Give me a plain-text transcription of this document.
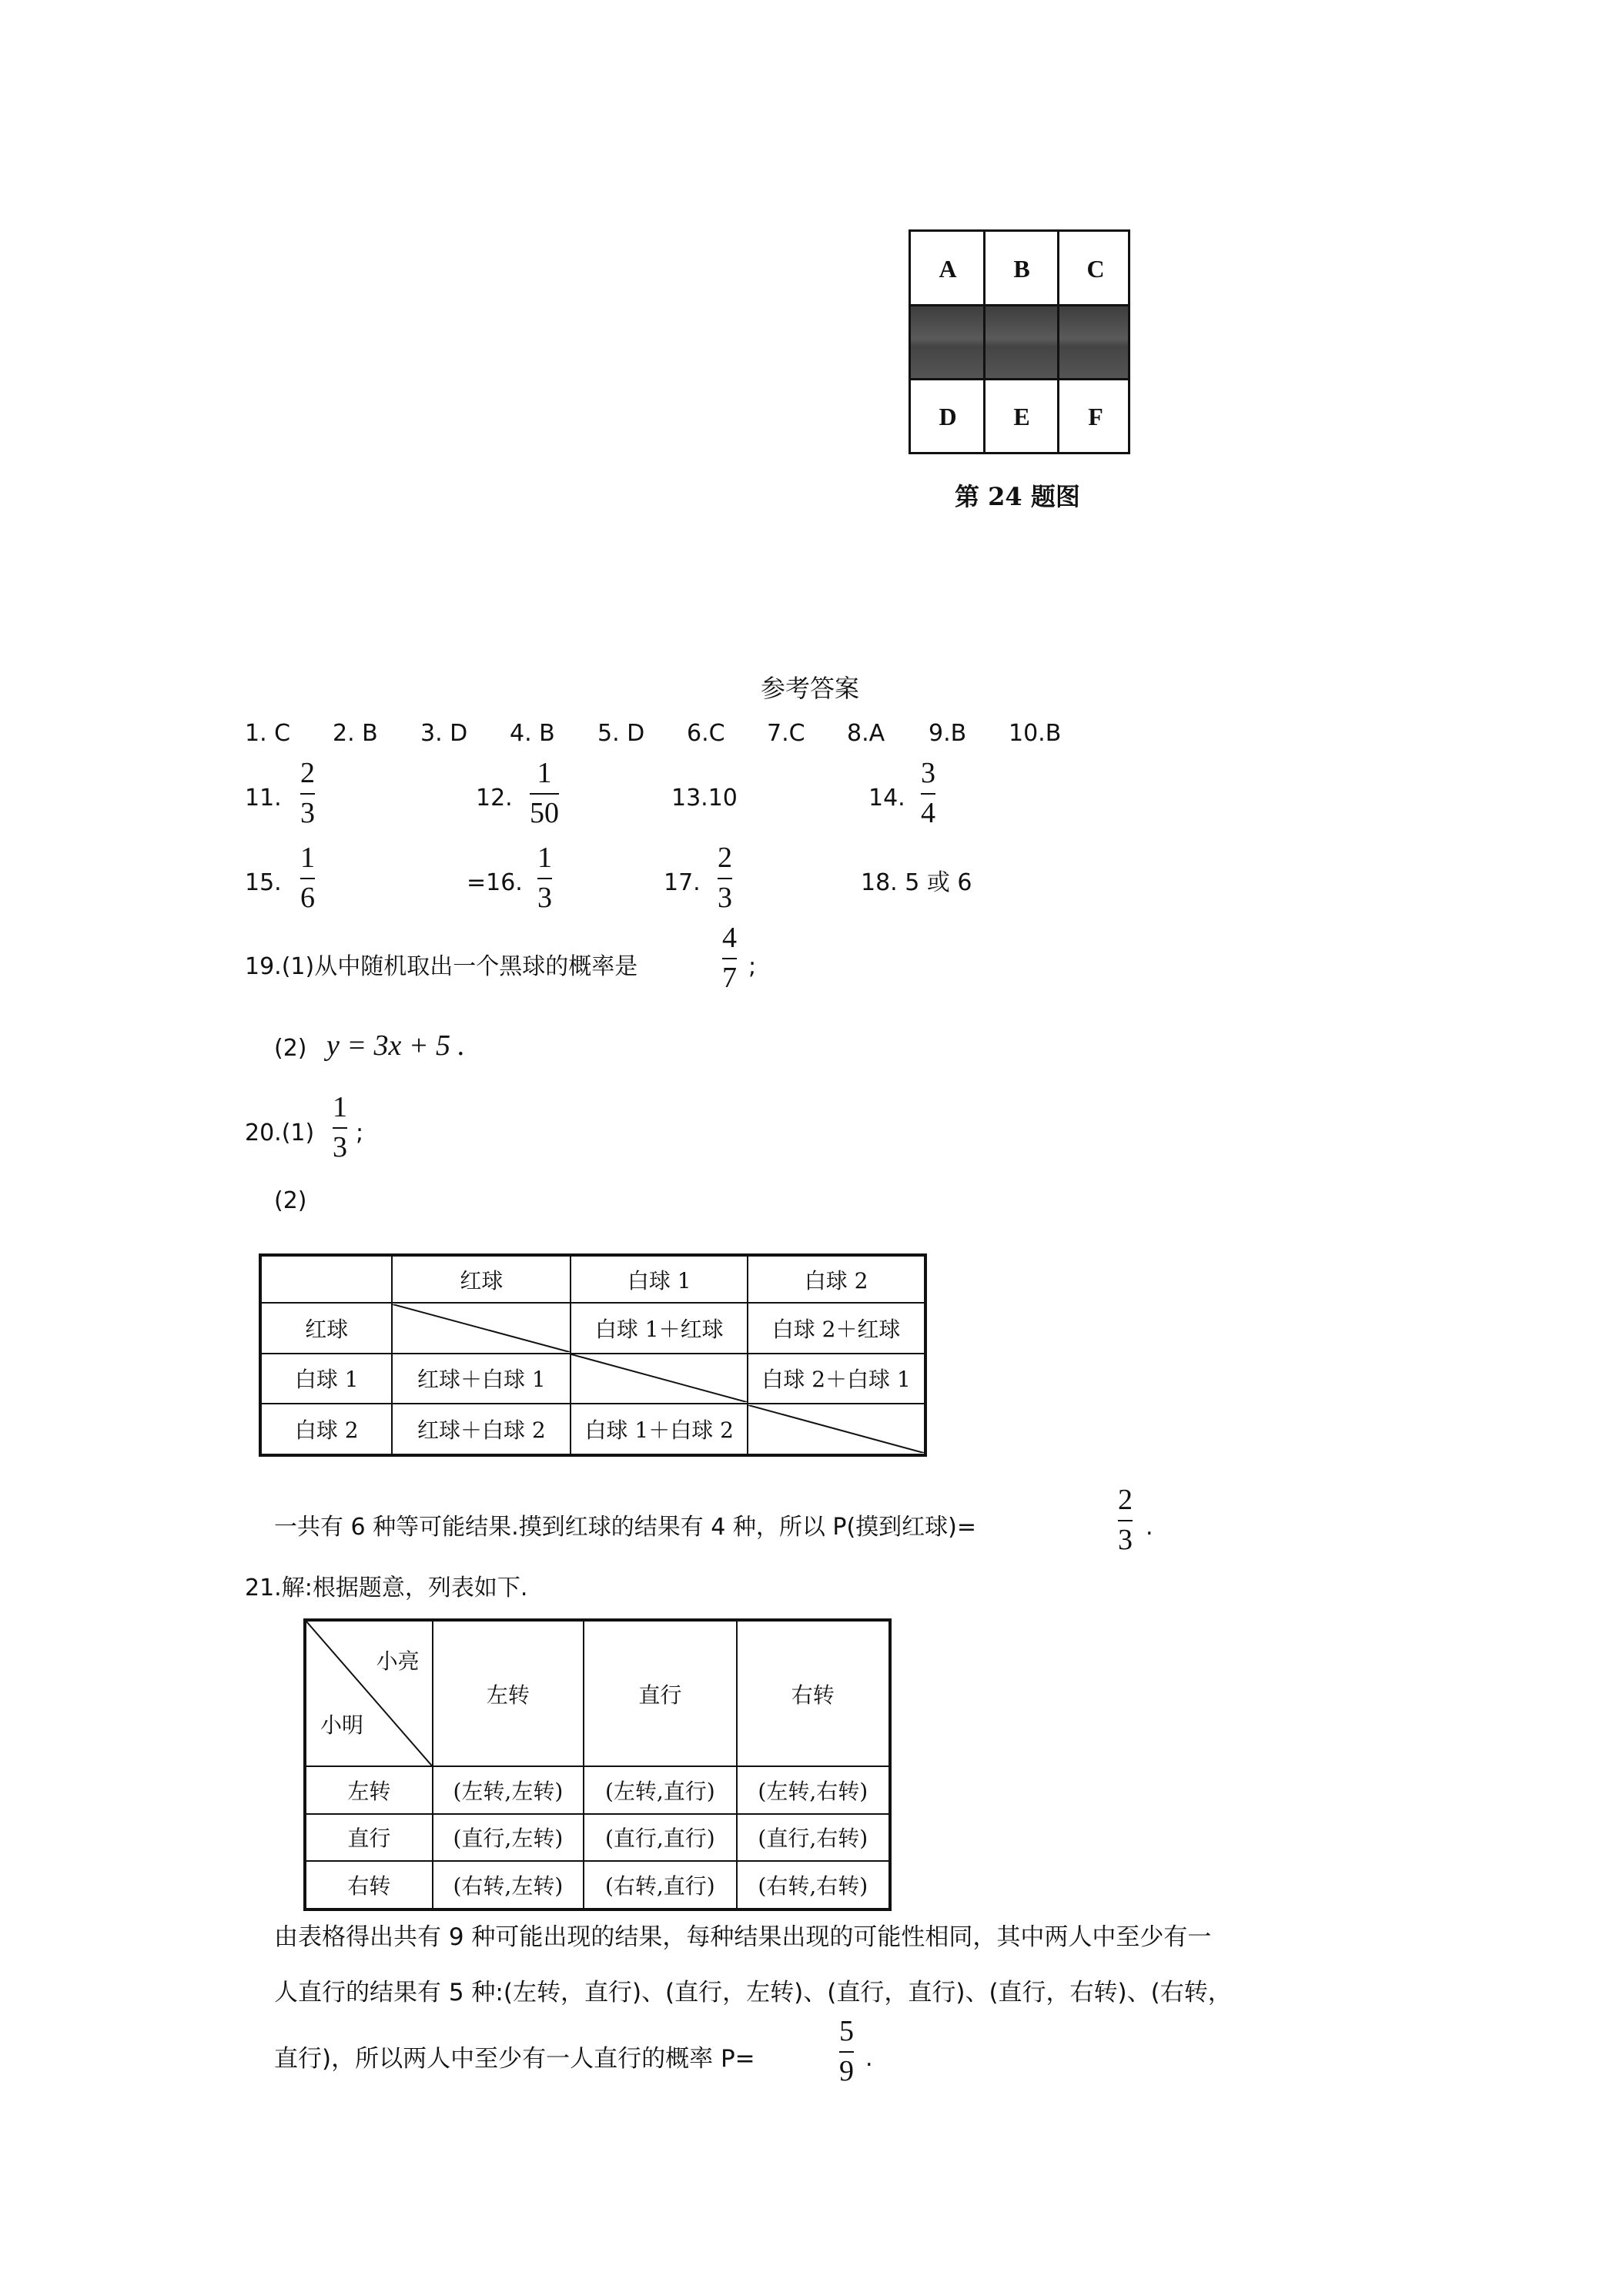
A	B	C
D	E	F
第 24 题图
参考答案
1. C 2. B 3. D 4. B 5. D 6.C 7.C 8.A 9.B 10.B
11.
2
3	12.
1
50	13.10	14.
3
4
15.
1
6	=16.
1
3	17.
2
3	18. 5 或 6
19.(1)从中随机取出一个黑球的概率是
4
7 ;
(2) y = 3x + 5 .
20.(1)
1
3 ;
(2)
	红球	白球 1	白球 2
红球		白球 1＋红球	白球 2＋红球
白球 1	红球＋白球 1		白球 2＋白球 1
白球 2	红球＋白球 2	白球 1＋白球 2	
一共有 6 种等可能结果.摸到红球的结果有 4 种，所以 P(摸到红球)=
2
3 .
21.解:根据题意，列表如下.
小亮
小明	左转	直行	右转
左转	(左转,左转)	(左转,直行)	(左转,右转)
直行	(直行,左转)	(直行,直行)	(直行,右转)
右转	(右转,左转)	(右转,直行)	(右转,右转)
由表格得出共有 9 种可能出现的结果，每种结果出现的可能性相同，其中两人中至少有一
人直行的结果有 5 种:(左转，直行)、(直行，左转)、(直行，直行)、(直行，右转)、(右转，
直行)，所以两人中至少有一人直行的概率 P=
5
9 .
